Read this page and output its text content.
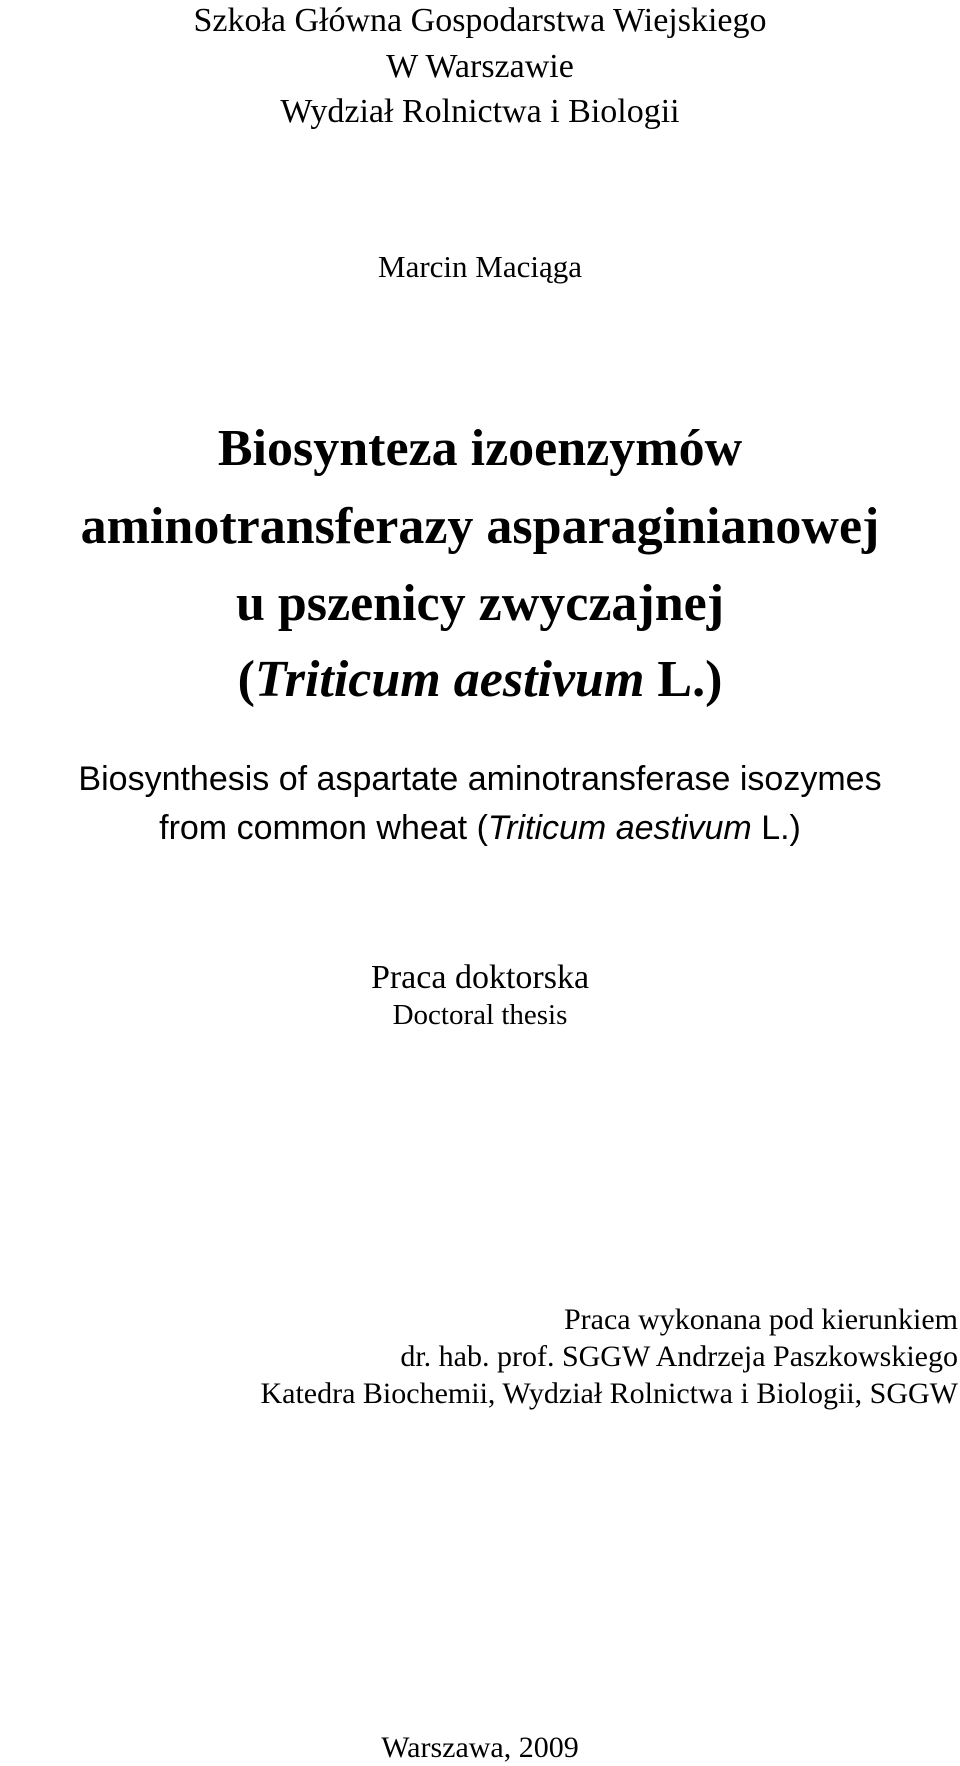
Szkoła Główna Gospodarstwa Wiejskiego
W Warszawie
Wydział Rolnictwa i Biologii
Marcin Maciąga
Biosynteza izoenzymów
aminotransferazy asparaginianowej
u pszenicy zwyczajnej
(Triticum aestivum L.)
Biosynthesis of aspartate aminotransferase isozymes
from common wheat (Triticum aestivum L.)
Praca doktorska
Doctoral thesis
Praca wykonana pod kierunkiem
dr. hab. prof. SGGW Andrzeja Paszkowskiego
Katedra Biochemii, Wydział Rolnictwa i Biologii, SGGW
Warszawa, 2009
